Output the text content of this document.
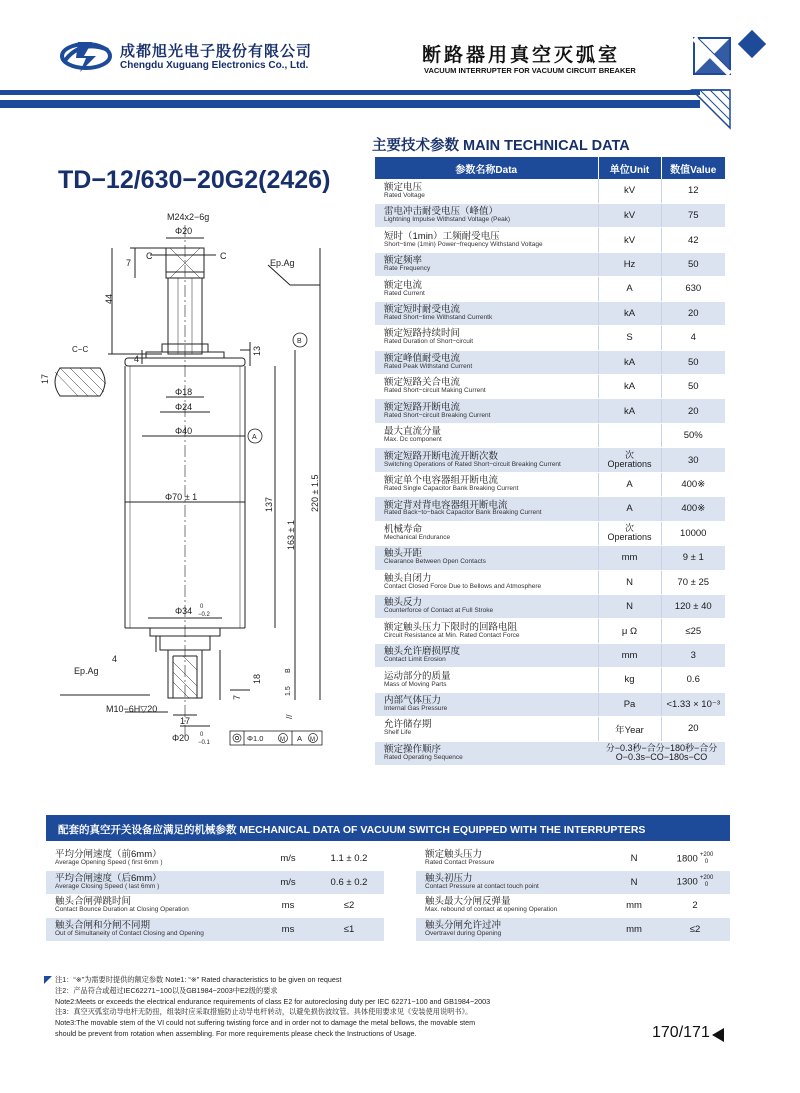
成都旭光电子股份有限公司
Chengdu Xuguang Electronics Co., Ltd.	断路器用真空灭弧室
VACUUM INTERRUPTER FOR VACUUM CIRCUIT BREAKER
TD−12/630−20G2(2426)
M24x2−6g
Φ20
7
C	C
Ep.Ag
44
C−C
17
B
4
13
Φ18
Φ24
Φ40
A
Φ70 ± 1	137
163 ± 1
220 ± 1.5
Φ34 0
−0.2
Ep.Ag
4
18
7
1.5
B
//
M10−6H▽20
17
Φ20 0
−0.1	Φ1.0	M A M
主要技术参数 MAIN TECHNICAL DATA
参数名称Data	单位Unit	数值Value

额定电压
Rated Voltage	kV	12

雷电冲击耐受电压（峰值）
Lightning Impulse Withstand Voltage (Peak)	kV	75

短时（1min）工频耐受电压
Short−time (1min) Power−frequency Withstand Voltage	kV	42

额定频率
Rate Frequency	Hz	50

额定电流
Rated Current	A	630

额定短时耐受电流
Rated Short−time Withstand Currentk	kA	20

额定短路持续时间
Rated Duration of Short−circuit	S	4

额定峰值耐受电流
Rated Peak Withstand Current	kA	50

额定短路关合电流
Rated Short−circuit Making Current	kA	50

额定短路开断电流
Rated Short−circuit Breaking Current	kA	20

最大直流分量
Max. Dc component		50%

额定短路开断电流开断次数
Switching Operations of Rated Short−circuit Breaking Current	次
Operations	30

额定单个电容器组开断电流
Rated Single Capacitor Bank Breaking Current	A	400※

额定背对背电容器组开断电流
Rated Back−to−back Capacitor Bank Breaking Current	A	400※

机械寿命
Mechanical Endurance	次
Operations	10000

触头开距
Clearance Between Open Contacts	mm	9 ± 1

触头自闭力
Contact Closed Force Due to Bellows and Atmosphere	N	70 ± 25

触头反力
Counterforce of Contact at Full Stroke	N	120 ± 40

额定触头压力下限时的回路电阻
Circuit Resistance at Min. Rated Contact Force	μ Ω	≤25

触头允许磨损厚度
Contact Limit Erosion	mm	3

运动部分的质量
Mass of Moving Parts	kg	0.6

内部气体压力
Internal Gas Pressure	Pa	<1.33 × 10⁻³

允许储存期
Shelf Life	年Year	20

额定操作顺序
Rated Operating Sequence	分−0.3秒−合分−180秒−合分
O−0.3s−CO−180s−CO	
配套的真空开关设备应满足的机械参数 MECHANICAL DATA OF VACUUM SWITCH EQUIPPED WITH THE INTERRUPTERS
平均分闸速度（前6mm）
Average Opening Speed ( first 6mm )	m/s	1.1 ± 0.2

平均合闸速度（后6mm）
Average Closing Speed ( last 6mm )	m/s	0.6 ± 0.2

触头合闸弹跳时间
Contact Bounce Duration at Closing Operation	ms	≤2

触头合闸和分闸不同期
Out of Simultaneity of Contact Closing and Opening	ms	≤1
额定触头压力
Rated Contact Pressure	N	1800 +200
0

触头初压力
Contact Pressure at contact touch point	N	1300 +200
0

触头最大分闸反弹量
Max. rebound of contact at opening Operation	mm	2

触头分闸允许过冲
Overtravel during Opening	mm	≤2
注1：“※”为需要时提供的额定参数 Note1: “※” Rated characteristics to be given on request
注2：产品符合或超过IEC62271−100以及GB1984−2003中E2级的要求
Note2:Meets or exceeds the electrical endurance requirements of class E2 for autoreclosing duty per IEC 62271−100 and GB1984−2003
注3：真空灭弧室动导电杆无防扭，组装时应采取措施防止动导电杆转动，以避免损伤波纹管。具体使用要求见《安装使用说明书》。
Note3:The movable stem of the VI could not suffering twisting force and in order not to damage the metal bellows, the movable stem
should be prevent from rotation when assembling. For more requirements please check the Instructions of Usage.	170/171
